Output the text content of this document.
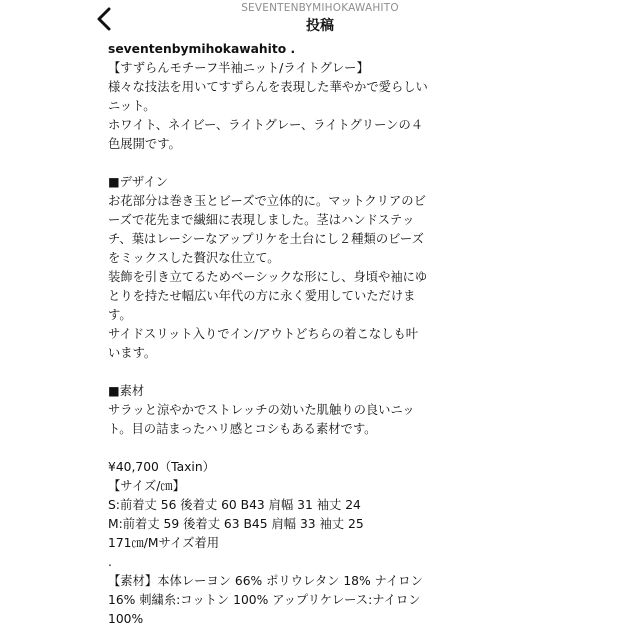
SEVENTENBYMIHOKAWAHITO
投稿
seventenbymihokawahito .
【すずらんモチーフ半袖ニット/ライトグレー】
様々な技法を用いてすずらんを表現した華やかで愛らしい
ニット。
ホワイト、ネイビー、ライトグレー、ライトグリーンの４
色展開です。
■デザイン
お花部分は巻き玉とビーズで立体的に。マットクリアのビ
ーズで花先まで繊細に表現しました。茎はハンドステッ
チ、葉はレーシーなアップリケを土台にし２種類のビーズ
をミックスした贅沢な仕立て。
装飾を引き立てるためベーシックな形にし、身頃や袖にゆ
とりを持たせ幅広い年代の方に永く愛用していただけま
す。
サイドスリット入りでイン/アウトどちらの着こなしも叶
います。
■素材
サラッと涼やかでストレッチの効いた肌触りの良いニッ
ト。目の詰まったハリ感とコシもある素材です。
¥40,700（Taxin）
【サイズ/㎝】
S:前着丈 56 後着丈 60 B43 肩幅 31 袖丈 24
M:前着丈 59 後着丈 63 B45 肩幅 33 袖丈 25
171㎝/Mサイズ着用
.
【素材】本体レーヨン 66% ポリウレタン 18% ナイロン
16% 刺繍糸:コットン 100% アップリケレース:ナイロン
100%
